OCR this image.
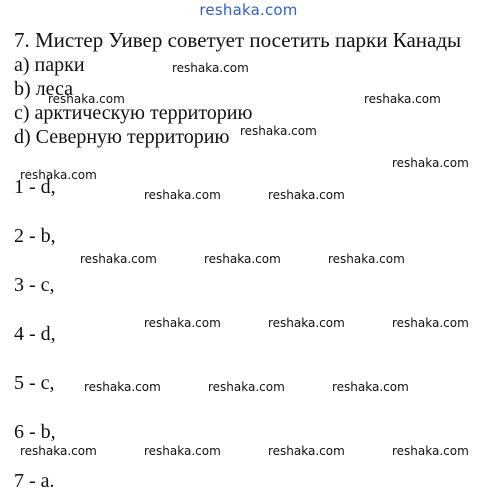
reshaka.com
7. Мистер Уивер советует посетить парки Канады
a) парки
b) леса
c) арктическую территорию
d) Северную территорию
1 - d,
2 - b,
3 - c,
4 - d,
5 - c,
6 - b,
7 - a.
reshaka.com
reshaka.com	reshaka.com
reshaka.com
reshaka.com
reshaka.com
reshaka.com	reshaka.com
reshaka.com	reshaka.com	reshaka.com
reshaka.com	reshaka.com	reshaka.com
reshaka.com	reshaka.com	reshaka.com
reshaka.com	reshaka.com	reshaka.com	reshaka.com
